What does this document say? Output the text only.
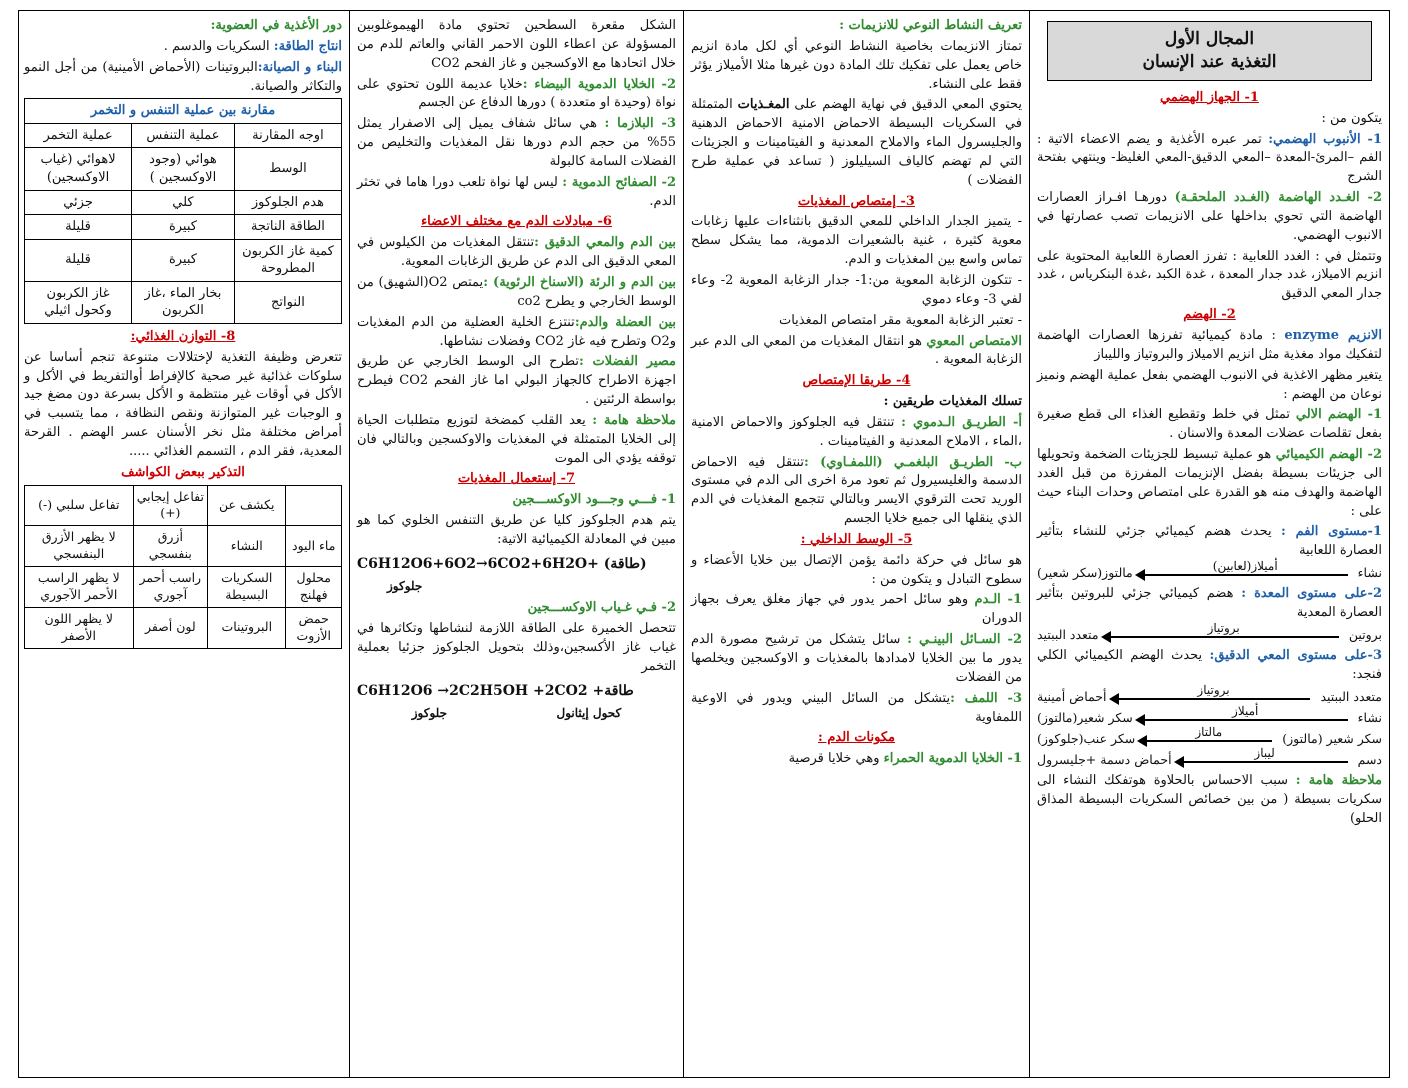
المجال الأول
التغذية عند الإنسان
1- الجهاز الهضمي

يتكون من :

1- الأنبوب الهضمي: تمر عبره الأغذية و يضم الاعضاء الاتية : الفم –المرئ-المعدة –المعي الدقيق-المعي الغليظ- وينتهي بفتحة الشرج

2- الغـدد الهاضمة (الغـدد الملحقـة) دورهـا افـراز العصارات الهاضمة التي تحوي بداخلها على الانزيمات تصب عصارتها في الانبوب الهضمي.

وتتمثل في : الغدد اللعابية : تفرز العصارة اللعابية المحتوية على انزيم الاميلاز، غدد جدار المعدة ، غدة الكبد ،غدة البنكرياس ، غدد جدار المعي الدقيق

2- الهضم

الانزيم enzyme : مادة كيميائية تفرزها العصارات الهاضمة لتفكيك مواد مغذية مثل انزيم الاميلاز والبروتياز والليباز

يتغير مظهر الاغذية في الانبوب الهضمي بفعل عملية الهضم ونميز نوعان من الهضم :

1- الهضم الالي تمثل في خلط وتقطيع الغذاء الى قطع صغيرة بفعل تقلصات عضلات المعدة والاسنان .

2- الهضم الكيميائي هو عملية تبسيط للجزيئات الضخمة وتحويلها الى جزيئات بسيطة بفضل الإنزيمات المفرزة من قبل الغدد الهاضمة والهدف منه هو القدرة على امتصاص وحدات البناء حيث على :

1-مستوى الفم : يحدث هضم كيميائي جزئي للنشاء بتأثير العصارة اللعابية

نشاء
أميلاز(لعابين)
مالتوز(سكر شعير)

2-على مستوى المعدة : هضم كيميائي جزئي للبروتين بتأثير العصارة المعدية

بروتين
بروتياز
متعدد الببتيد

3-على مستوى المعي الدقيق: يحدث الهضم الكيميائي الكلي فنجد:

متعدد الببتيد
بروتياز
أحماض أمينية
نشاء
أميلاز
سكر شعير(مالتوز)
سكر شعير (مالتوز)
مالتاز
سكر عنب(جلوكوز)
دسم
ليباز
أحماض دسمة +جليسرول

ملاحظة هامة : سبب الاحساس بالحلاوة هوتفكك النشاء الى سكريات بسيطة ( من بين خصائص السكريات البسيطة المذاق الحلو)

تعريف النشاط النوعي للانزيمات :

تمتاز الانزيمات بخاصية النشاط النوعي أي لكل مادة انزيم خاص يعمل على تفكيك تلك المادة دون غيرها مثلا الأميلاز يؤثر فقط على النشاء.

يحتوي المعي الدقيق في نهاية الهضم على المغـذيات المتمثلة في السكريات البسيطة الاحماض الامنية الاحماض الدهنية والجليسرول الماء والاملاح المعدنية و الفيتامينات و الجزيئات التي لم تهضم كالياف السيليلوز ( تساعد في عملية طرح الفضلات )

3- إمتصاص المغذيات

- يتميز الجدار الداخلي للمعي الدقيق بانثناءات عليها زغابات معوية كثيرة ، غنية بالشعيرات الدموية، مما يشكل سطح تماس واسع بين المغذيات و الدم.

- تتكون الزغابة المعوية من:1- جدار الزغابة المعوية 2- وعاء لفي 3- وعاء دموي

- تعتبر الزغابة المعوية مقر امتصاص المغذيات

الامتصاص المعوي هو انتقال المغذيات من المعي الى الدم عبر الزغابة المعوية .

4- طريقا الإمتصاص

تسلك المغذيات طريقين :

أ- الطريـق الـدموي : تنتقل فيه الجلوكوز والاحماض الامنية ،الماء ، الاملاح المعدنية و الفيتامينات .

ب- الطريـق البلغمـي (اللمفـاوي) :تنتقل فيه الاحماض الدسمة والغليسيرول ثم تعود مرة اخرى الى الدم في مستوى الوريد تحت الترقوي الايسر وبالتالي تتجمع المغذيات في الدم الذي ينقلها الى جميع خلايا الجسم

5- الوسط الداخلي :

هو سائل في حركة دائمة يؤمن الإتصال بين خلايا الأعضاء و سطوح التبادل و يتكون من :

1- الـدم وهو سائل احمر يدور في جهاز مغلق يعرف بجهاز الدوران

2- السـائل البينـي : سائل يتشكل من ترشيح مصورة الدم يدور ما بين الخلايا لامدادها بالمغذيات و الاوكسجين ويخلصها من الفضلات

3- اللمف :يتشكل من السائل البيني ويدور في الاوعية اللمفاوية

مكونات الدم :

1- الخلايا الدموية الحمراء وهي خلايا قرصية

الشكل مقعرة السطحين تحتوي مادة الهيموغلوبين المسؤولة عن اعطاء اللون الاحمر القاني والعاتم للدم من خلال اتحادها مع الاوكسجين و غاز الفحم CO2

2- الخلايا الدموية البيضاء :خلايا عديمة اللون تحتوي على نواة (وحيدة او متعددة ) دورها الدفاع عن الجسم

3- البلازما : هي سائل شفاف يميل إلى الاصفرار يمثل 55% من حجم الدم دورها نقل المغذيات والتخليص من الفضلات السامة كالبولة

2- الصفائح الدموية : ليس لها نواة تلعب دورا هاما في تخثر الدم.

6- مبادلات الدم مع مختلف الاعضاء

بين الدم والمعي الدقيق :تنتقل المغذيات من الكيلوس في المعي الدقيق الى الدم عن طريق الزغابات المعوية.

بين الدم و الرئة (الاسناخ الرئوية) :يمتص O2(الشهيق) من الوسط الخارجي و يطرح co2

بين العضلة والدم:تنتزع الخلية العضلية من الدم المغذيات وO2 وتطرح فيه غاز CO2 وفضلات نشاطها.

مصير الفضلات :تطرح الى الوسط الخارجي عن طريق اجهزة الاطراح كالجهاز البولي اما غاز الفحم CO2 فيطرح بواسطة الرئتين .

ملاحظة هامة : يعد القلب كمضخة لتوزيع متطلبات الحياة إلى الخلايا المتمثلة في المغذيات والاوكسجين وبالتالي فان توقفه يؤدي الى الموت

7- إستعمال المغذيات

1- فـــي وجـــود الاوكســـجين

يتم هدم الجلوكوز كليا عن طريق التنفس الخلوي كما هو مبين في المعادلة الكيميائية الاتية:

C6H12O6+6O2→6CO2+6H2O+ (طاقة)
جلوكوز

2- فـي غـياب الاوكســـجين

تتحصل الخميرة على الطاقة اللازمة لنشاطها وتكاثرها في غياب غاز الأكسجين،وذلك بتحويل الجلوكوز جزئيا بعملية التخمر

C6H12O6 →2C2H5OH +2CO2 +طاقة
جلوكوز	كحول إيثانول

دور الأغذية في العضوية:

انتاج الطاقة: السكريات والدسم .

البناء و الصيانة:البروتينات (الأحماض الأمينية) من أجل النمو والتكاثر والصيانة.

مقارنة بين عملية التنفس و التخمر		
اوجه المقارنة	عملية التنفس	عملية التخمر
الوسط	هوائي (وجود الاوكسجين )	لاهوائي (غياب الاوكسجين)
هدم الجلوكوز	كلي	جزئي
الطاقة الناتجة	كبيرة	قليلة
كمية غاز الكربون المطروحة	كبيرة	قليلة
النواتج	بخار الماء ،غاز الكربون	غاز الكربون وكحول اثيلي
8- التوازن الغذائي:

تتعرض وظيفة التغذية لإختلالات متنوعة تنجم أساسا عن سلوكات غذائية غير صحية كالإفراط أوالتفريط في الأكل و الأكل في أوقات غير منتظمة و الأكل بسرعة دون مضغ جيد و الوجبات غير المتوازنة ونقص النظافة ، مما يتسبب في أمراض مختلفة مثل نخر الأسنان عسر الهضم . القرحة المعدية، فقر الدم ، التسمم الغذائي .....

التذكير ببعض الكواشف
	يكشف عن	تفاعل إيجابي (+)	تفاعل سلبي (-)
ماء اليود	النشاء	أزرق بنفسجي	لا يظهر الأزرق البنفسجي
محلول فهلنج	السكريات البسيطة	راسب أحمر آجوري	لا يظهر الراسب الأحمر الآجوري
حمض الأزوت	البروتينات	لون أصفر	لا يظهر اللون الأصفر
